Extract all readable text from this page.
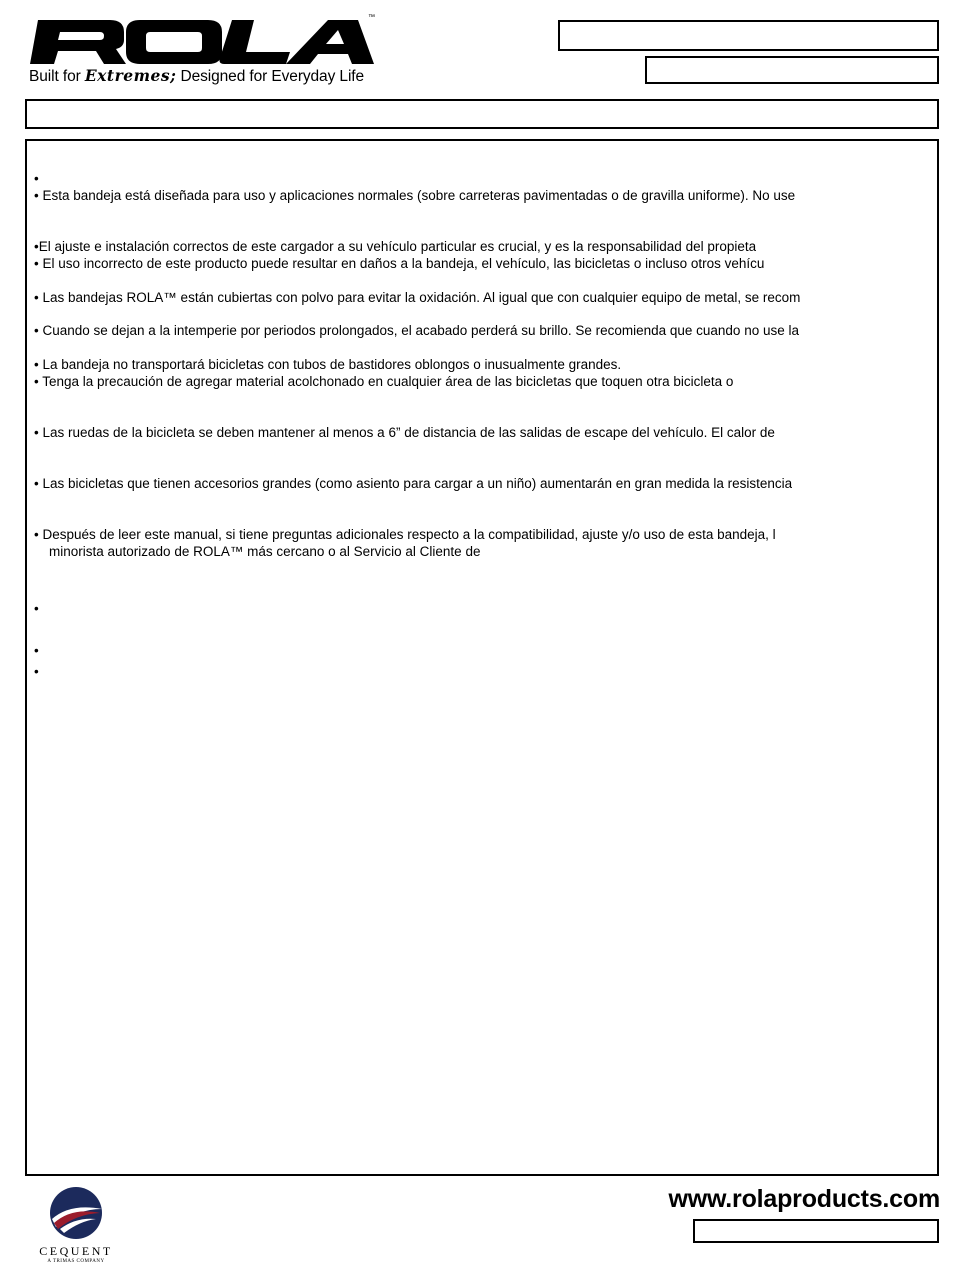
™
Built for Extremes; Designed for Everyday Life
•
• Esta bandeja está diseñada para uso y aplicaciones normales (sobre carreteras pavimentadas o de gravilla uniforme). No use
•El ajuste e instalación correctos de este cargador a su vehículo particular es crucial, y es la responsabilidad del propieta
• El uso incorrecto de este producto puede resultar en daños a la bandeja, el vehículo, las bicicletas o incluso otros vehícu
• Las bandejas ROLA™ están cubiertas con polvo para evitar la oxidación. Al igual que con cualquier equipo de metal, se recom
• Cuando se dejan a la intemperie por periodos prolongados, el acabado perderá su brillo. Se recomienda que cuando no use la
• La bandeja no transportará bicicletas con tubos de bastidores oblongos o inusualmente grandes.
• Tenga la precaución de agregar material acolchonado en cualquier área de las bicicletas que toquen otra bicicleta o
• Las ruedas de la bicicleta se deben mantener al menos a 6” de distancia de las salidas de escape del vehículo. El calor de
• Las bicicletas que tienen accesorios grandes (como asiento para cargar a un niño) aumentarán en gran medida la resistencia
• Después de leer este manual, si tiene preguntas adicionales respecto a la compatibilidad, ajuste y/o uso de esta bandeja, l
minorista autorizado de ROLA™ más cercano o al Servicio al Cliente de
•
•
•
CEQUENT
A TRIMAS COMPANY
www.rolaproducts.com
